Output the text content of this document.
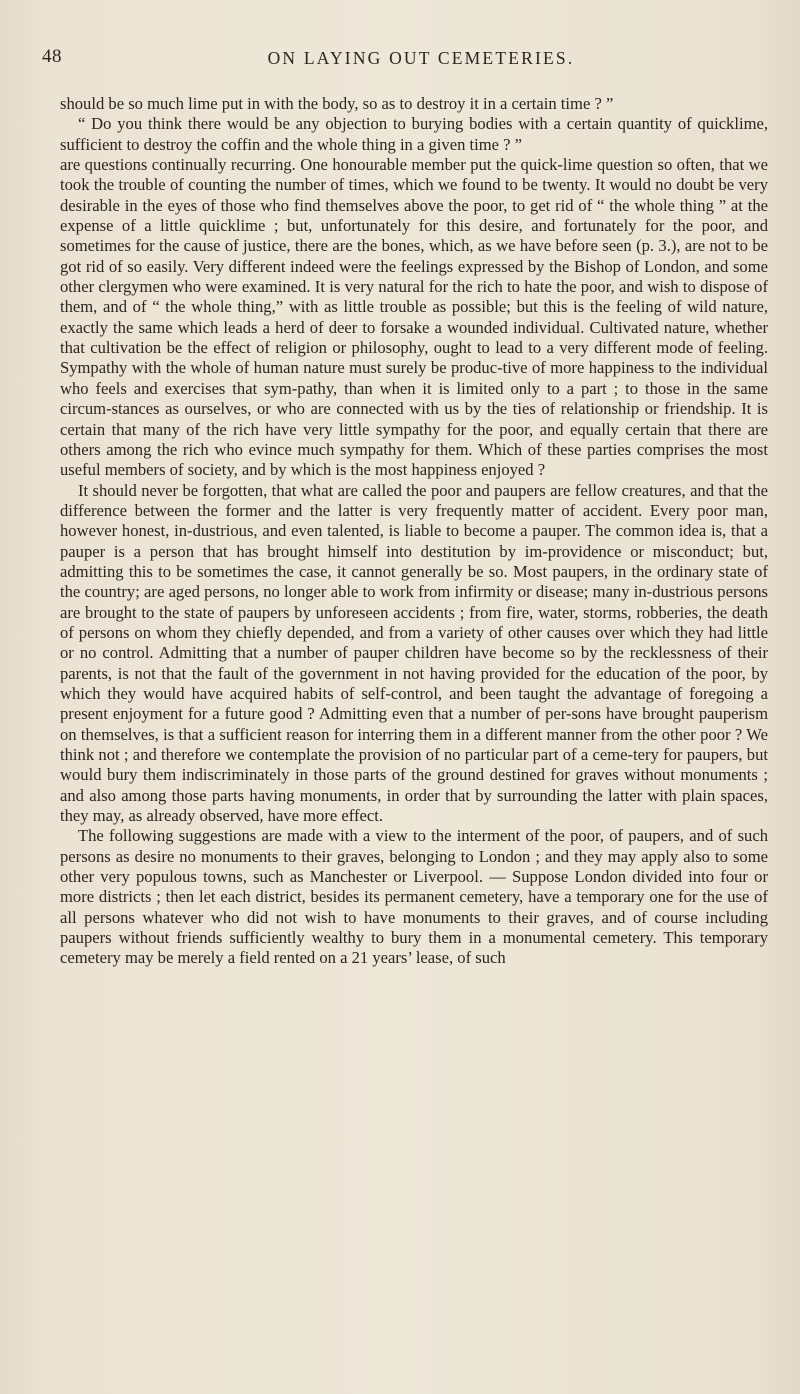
48	ON LAYING OUT CEMETERIES.

should be so much lime put in with the body, so as to destroy it in a certain time ? ”

“ Do you think there would be any objection to burying bodies with a certain quantity of quicklime, sufficient to destroy the coffin and the whole thing in a given time ? ”

are questions continually recurring. One honourable member put the quick-lime question so often, that we took the trouble of counting the number of times, which we found to be twenty. It would no doubt be very desirable in the eyes of those who find themselves above the poor, to get rid of “ the whole thing ” at the expense of a little quicklime ; but, unfortunately for this desire, and fortunately for the poor, and sometimes for the cause of justice, there are the bones, which, as we have before seen (p. 3.), are not to be got rid of so easily. Very different indeed were the feelings expressed by the Bishop of London, and some other clergymen who were examined. It is very natural for the rich to hate the poor, and wish to dispose of them, and of “ the whole thing,” with as little trouble as possible; but this is the feeling of wild nature, exactly the same which leads a herd of deer to forsake a wounded individual. Cultivated nature, whether that cultivation be the effect of religion or philosophy, ought to lead to a very different mode of feeling. Sympathy with the whole of human nature must surely be produc-tive of more happiness to the individual who feels and exercises that sym-pathy, than when it is limited only to a part ; to those in the same circum-stances as ourselves, or who are connected with us by the ties of relationship or friendship. It is certain that many of the rich have very little sympathy for the poor, and equally certain that there are others among the rich who evince much sympathy for them. Which of these parties comprises the most useful members of society, and by which is the most happiness enjoyed ?

It should never be forgotten, that what are called the poor and paupers are fellow creatures, and that the difference between the former and the latter is very frequently matter of accident. Every poor man, however honest, in-dustrious, and even talented, is liable to become a pauper. The common idea is, that a pauper is a person that has brought himself into destitution by im-providence or misconduct; but, admitting this to be sometimes the case, it cannot generally be so. Most paupers, in the ordinary state of the country; are aged persons, no longer able to work from infirmity or disease; many in-dustrious persons are brought to the state of paupers by unforeseen accidents ; from fire, water, storms, robberies, the death of persons on whom they chiefly depended, and from a variety of other causes over which they had little or no control. Admitting that a number of pauper children have become so by the recklessness of their parents, is not that the fault of the government in not having provided for the education of the poor, by which they would have acquired habits of self-control, and been taught the advantage of foregoing a present enjoyment for a future good ? Admitting even that a number of per-sons have brought pauperism on themselves, is that a sufficient reason for interring them in a different manner from the other poor ? We think not ; and therefore we contemplate the provision of no particular part of a ceme-tery for paupers, but would bury them indiscriminately in those parts of the ground destined for graves without monuments ; and also among those parts having monuments, in order that by surrounding the latter with plain spaces, they may, as already observed, have more effect.

The following suggestions are made with a view to the interment of the poor, of paupers, and of such persons as desire no monuments to their graves, belonging to London ; and they may apply also to some other very populous towns, such as Manchester or Liverpool. — Suppose London divided into four or more districts ; then let each district, besides its permanent cemetery, have a temporary one for the use of all persons whatever who did not wish to have monuments to their graves, and of course including paupers without friends sufficiently wealthy to bury them in a monumental cemetery. This temporary cemetery may be merely a field rented on a 21 years’ lease, of such
